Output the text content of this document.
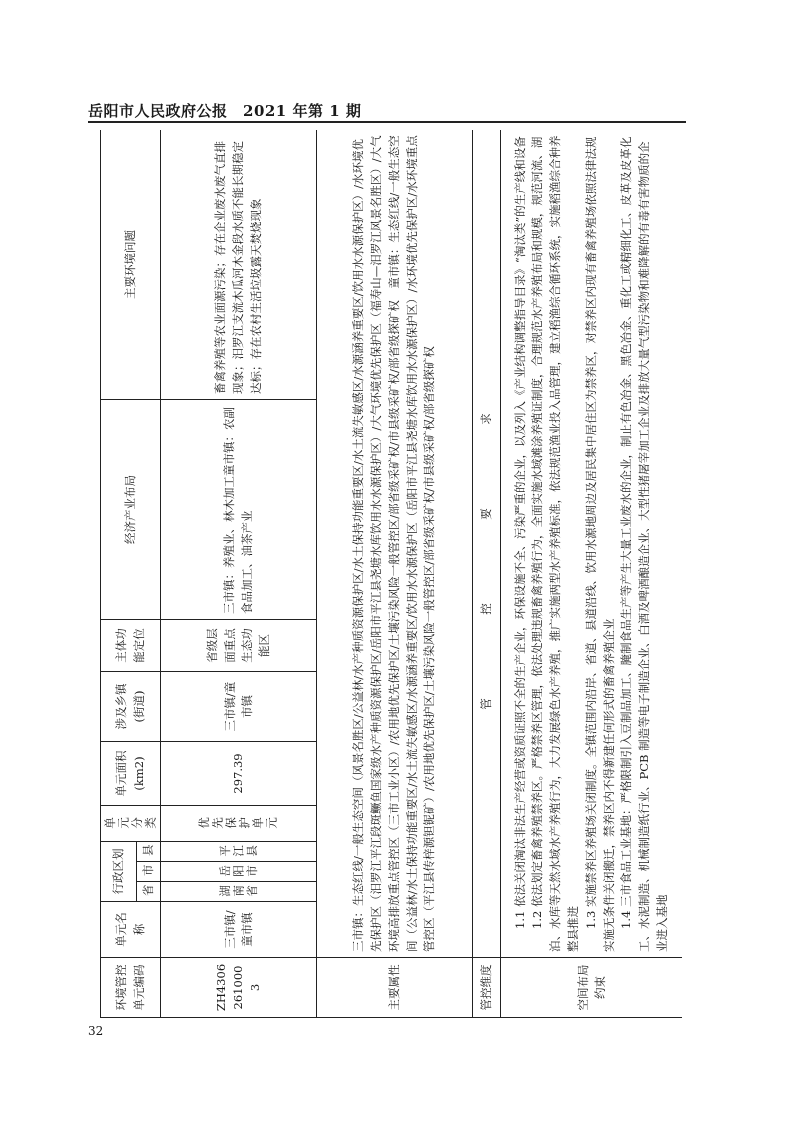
岳阳市人民政府公报　2021 年第 1 期
环境管控单元编码	单元名称	行政区划			单元分类	单元面积(km2)	涉及乡镇(街道)	主体功能定位	经济产业布局	主要环境问题
		省	市	县						
ZH43062610003	三市镇/童市镇	湖南省	岳阳市	平江县	优先保护单元	297.39	三市镇/童市镇	省级层面重点生态功能区	三市镇：养殖业、林木加工童市镇：农副食品加工、油茶产业	畜禽养殖等农业面源污染；存在企业废水废气直排现象；汨罗江支流木瓜河木金段水质不能长期稳定达标；存在农村生活垃圾露天焚烧现象
主要属性	三市镇：生态红线/一般生态空间（风景名胜区/公益林/水产种质资源保护区/水土保持功能重要区/水土流失敏感区/水源涵养重要区/饮用水水源保护区）/水环境优先保护区（汨罗江平江段斑鳜鱼国家级水产种质资源保护区/岳阳市平江县尧塘水库饮用水水源保护区）/大气环境优先保护区（福寿山—汨罗江风景名胜区）/大气环境高排放重点管控区（三市工业小区）/农用地优先保护区/土壤污染风险一般管控区/部省级采矿权/市县级采矿权/部省级探矿权　童市镇：生态红线/一般生态空间（公益林/水土保持功能重要区/水土流失敏感区/水源涵养重要区/饮用水水源保护区（岳阳市平江县尧塘水库饮用水水源保护区）/水环境优先保护区/水环境重点管控区（平江县传梓源钽铌矿）/农用地优先保护区/土壤污染风险一般管控区/部省级采矿权/市县级采矿权/部省级探矿权									
管控维度	管　控　要　求									
空间布局约束	1.1 依法关闭淘汰非法生产经营或资质证照不全的生产企业，环保设施不全、污染严重的企业，以及列入《产业结构调整指导目录》“淘汰类”的生产线和设备 1.2 依法划定畜禽养殖禁养区。严格禁养区管理，依法处理违规畜禽养殖行为，全面实施水域滩涂养殖证制度，合理规范水产养殖布局和规模，规范河流、湖泊、水库等天然水域水产养殖行为，大力发展绿色水产养殖，推广实施两型水产养殖标准，依法规范渔业投入品管理，建立稻渔综合循环系统，实施稻渔综合种养整县推进 1.3 实施禁养区养殖场关闭制度。全镇范围内沿岸、省道、县道沿线、饮用水源地周边及居民集中居住区为禁养区，对禁养区内现有畜禽养殖场依照法律法规实施无条件关闭搬迁，禁养区内不得新建任何形式的畜禽养殖企业 1.4 三市食品工业基地：严格限制引入豆制品加工、腌制食品生产等产生大量工业废水的企业，制止有色冶金、黑色冶金、重化工或精细化工、皮革及皮革化工、水泥制造、机械制造纸行业、PCB 制造等电子制造企业、白酒及啤酒酿造企业、大型性猪屠宰加工企业及排放大量气型污染物和难降解的有毒有害物质的企业进入基地									

32
